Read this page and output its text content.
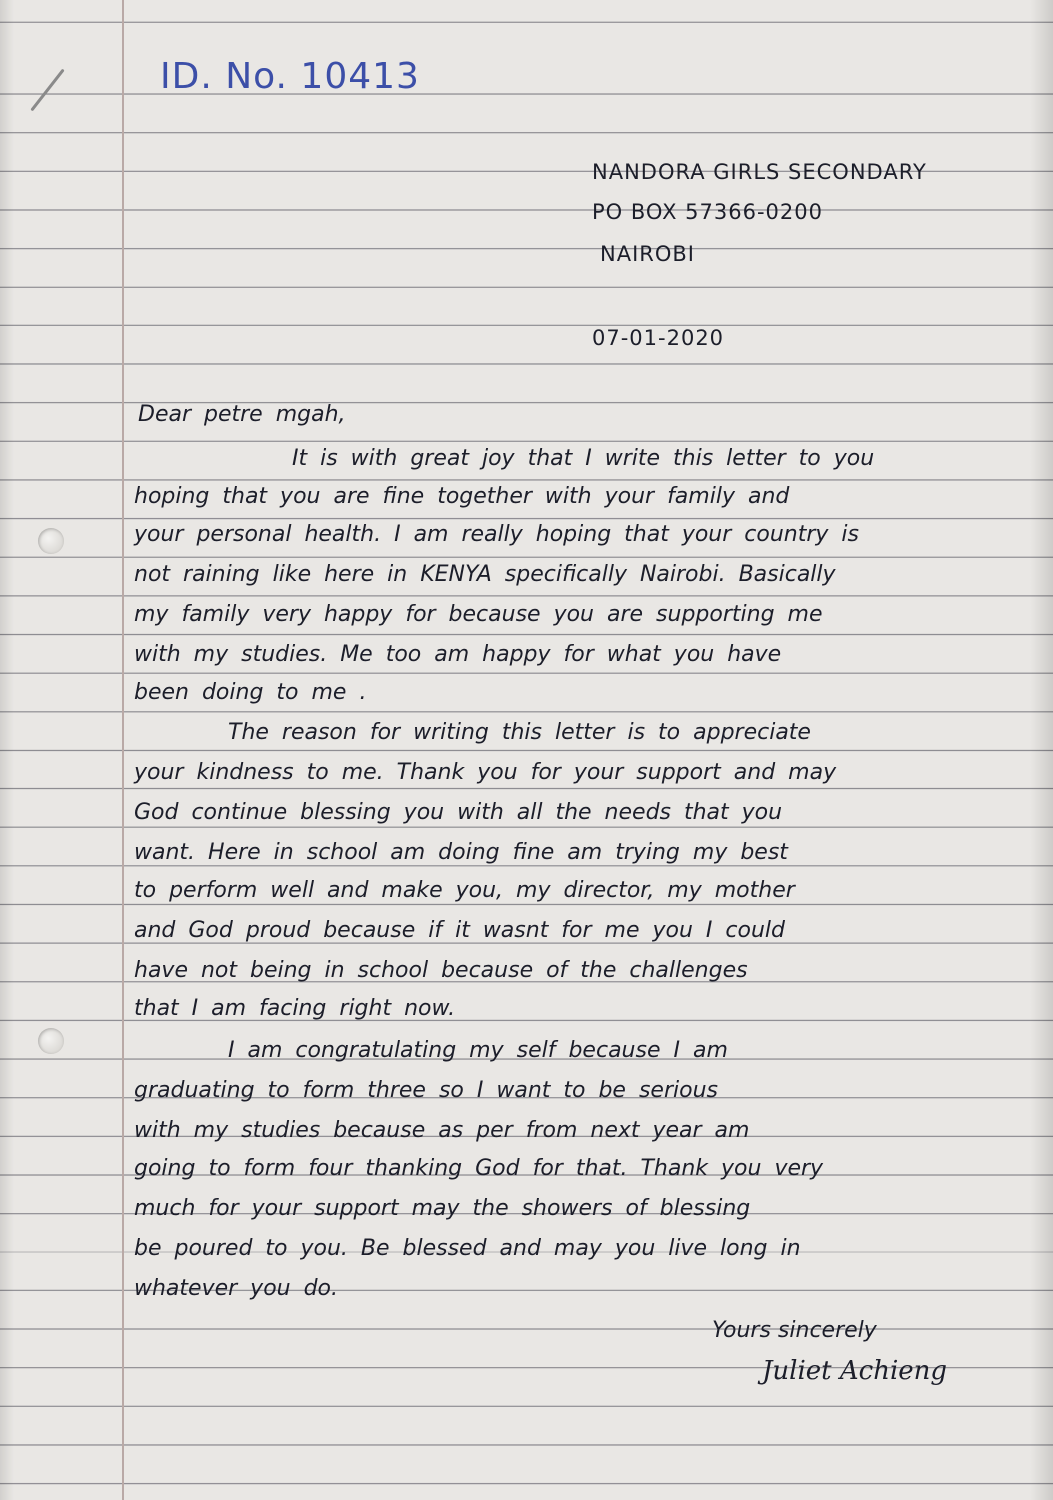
ID. No. 10413
NANDORA GIRLS SECONDARY
PO BOX 57366-0200
NAIROBI
07-01-2020
Dear petre mgah,
It is with great joy that I write this letter to you
hoping that you are fine together with your family and
your personal health. I am really hoping that your country is
not raining like here in KENYA specifically Nairobi. Basically
my family very happy for because you are supporting me
with my studies. Me too am happy for what you have
been doing to me .
The reason for writing this letter is to appreciate
your kindness to me. Thank you for your support and may
God continue blessing you with all the needs that you
want. Here in school am doing fine am trying my best
to perform well and make you, my director, my mother
and God proud because if it wasnt for me you I could
have not being in school because of the challenges
that I am facing right now.
I am congratulating my self because I am
graduating to form three so I want to be serious
with my studies because as per from next year am
going to form four thanking God for that. Thank you very
much for your support may the showers of blessing
be poured to you. Be blessed and may you live long in
whatever you do.
Yours sincerely
Juliet Achieng
